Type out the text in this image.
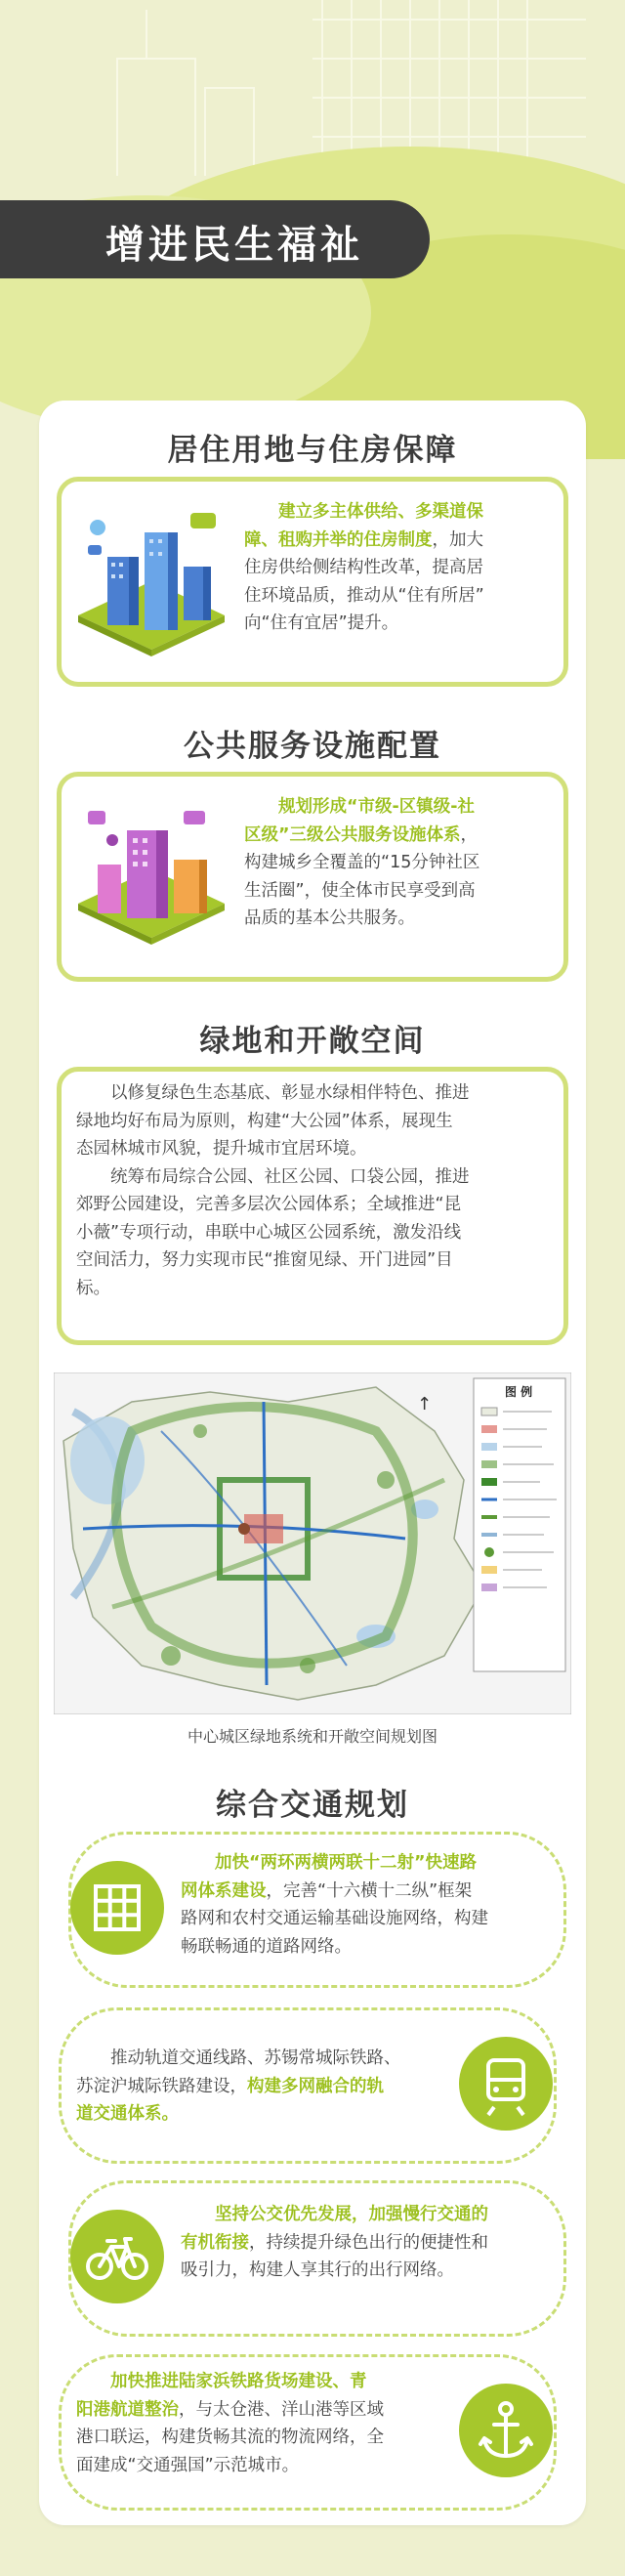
增进民生福祉
居住用地与住房保障
建立多主体供给、多渠道保
障、租购并举的住房制度，加大
住房供给侧结构性改革，提高居
住环境品质，推动从“住有所居”
向“住有宜居”提升。
公共服务设施配置
规划形成“市级-区镇级-社
区级”三级公共服务设施体系，
构建城乡全覆盖的“15分钟社区
生活圈”，使全体市民享受到高
品质的基本公共服务。
绿地和开敞空间
以修复绿色生态基底、彰显水绿相伴特色、推进
绿地均好布局为原则，构建“大公园”体系，展现生
态园林城市风貌，提升城市宜居环境。
统筹布局综合公园、社区公园、口袋公园，推进
郊野公园建设，完善多层次公园体系；全域推进“昆
小薇”专项行动，串联中心城区公园系统，激发沿线
空间活力，努力实现市民“推窗见绿、开门进园”目
标。
↑
图 例
中心城区绿地系统和开敞空间规划图
综合交通规划
加快“两环两横两联十二射”快速路
网体系建设，完善“十六横十二纵”框架
路网和农村交通运输基础设施网络，构建
畅联畅通的道路网络。
推动轨道交通线路、苏锡常城际铁路、
苏淀沪城际铁路建设，构建多网融合的轨
道交通体系。
坚持公交优先发展，加强慢行交通的
有机衔接，持续提升绿色出行的便捷性和
吸引力，构建人享其行的出行网络。
加快推进陆家浜铁路货场建设、青
阳港航道整治，与太仓港、洋山港等区域
港口联运，构建货畅其流的物流网络，全
面建成“交通强国”示范城市。
